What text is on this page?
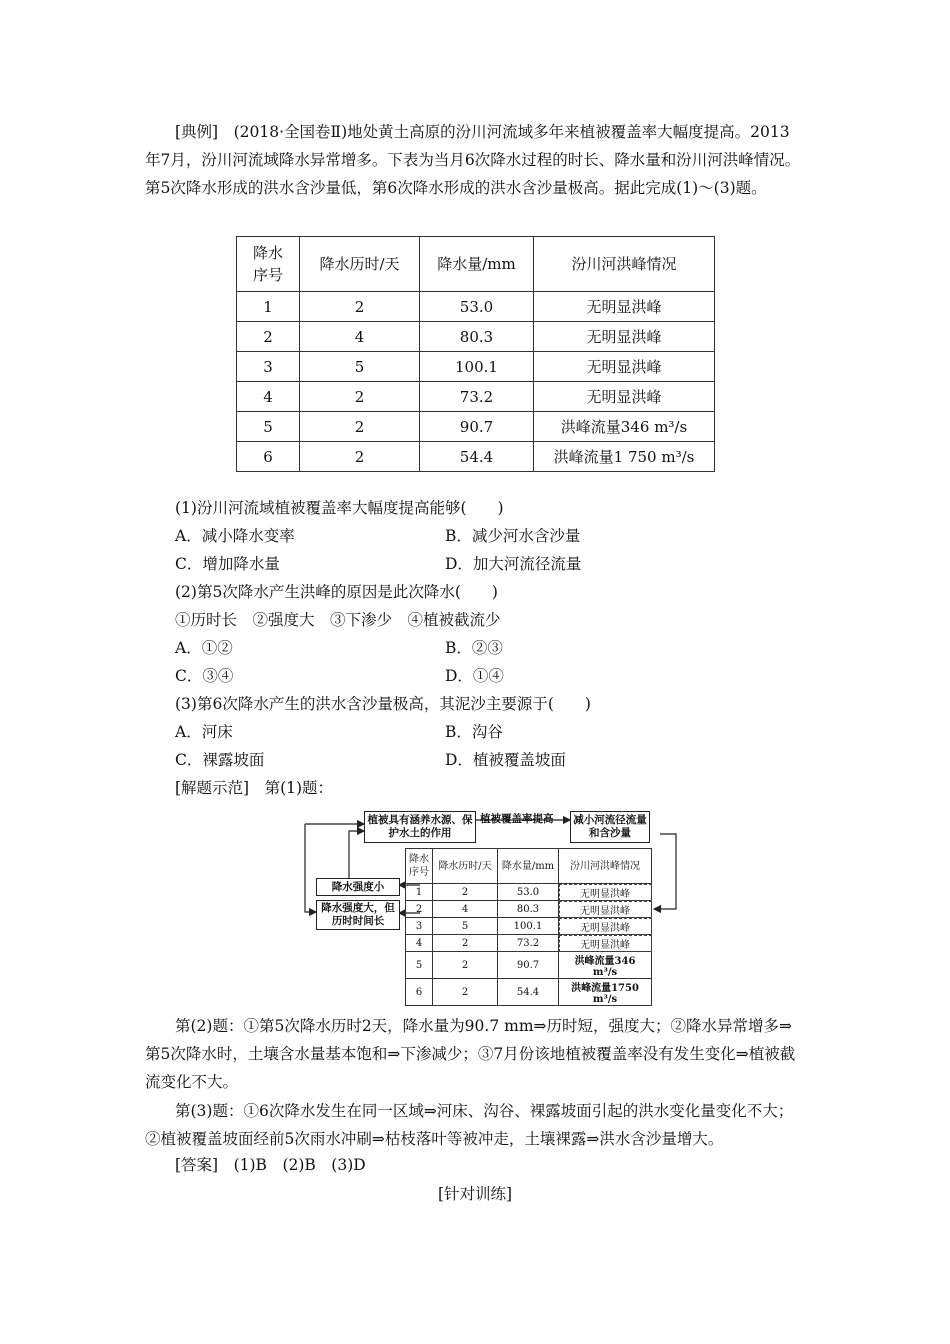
[典例]　 (2018·全国卷Ⅱ)地处黄土高原的汾川河流域多年来植被覆盖率大幅度提高。2013年7月，汾川河流域降水异常增多。下表为当月6次降水过程的时长、降水量和汾川河洪峰情况。第5次降水形成的洪水含沙量低，第6次降水形成的洪水含沙量极高。据此完成(1)～(3)题。
降水
序号	降水历时/天	降水量/mm	汾川河洪峰情况
1	2	53.0	无明显洪峰
2	4	80.3	无明显洪峰
3	5	100.1	无明显洪峰
4	2	73.2	无明显洪峰
5	2	90.7	洪峰流量346 m³/s
6	2	54.4	洪峰流量1 750 m³/s
(1)汾川河流域植被覆盖率大幅度提高能够(　　)
A．减小降水变率	B．减少河水含沙量
C．增加降水量	D．加大河流径流量
(2)第5次降水产生洪峰的原因是此次降水(　　)
①历时长　②强度大　③下渗少　④植被截流少
A．①②	B．②③
C．③④	D．①④
(3)第6次降水产生的洪水含沙量极高，其泥沙主要源于(　　)
A．河床	B．沟谷
C．裸露坡面	D．植被覆盖坡面
[解题示范]　第(1)题：
植被具有涵养水源、保护水土的作用
植被覆盖率提高	减小河流径流量和含沙量
降水强度小
降水强度大，但历时时间长
降水序号	降水历时/天	降水量/mm	汾川河洪峰情况
1	2	53.0	无明显洪峰
2	4	80.3	无明显洪峰
3	5	100.1	无明显洪峰
4	2	73.2	无明显洪峰
5	2	90.7	洪峰流量346 m³/s
6	2	54.4	洪峰流量1750 m³/s
第(2)题：①第5次降水历时2天，降水量为90.7 mm⇒历时短，强度大；②降水异常增多⇒第5次降水时，土壤含水量基本饱和⇒下渗减少；③7月份该地植被覆盖率没有发生变化⇒植被截流变化不大。
第(3)题：①6次降水发生在同一区域⇒河床、沟谷、裸露坡面引起的洪水变化量变化不大；②植被覆盖坡面经前5次雨水冲刷⇒枯枝落叶等被冲走，土壤裸露⇒洪水含沙量增大。
[答案]　(1)B　(2)B　(3)D
[针对训练]
